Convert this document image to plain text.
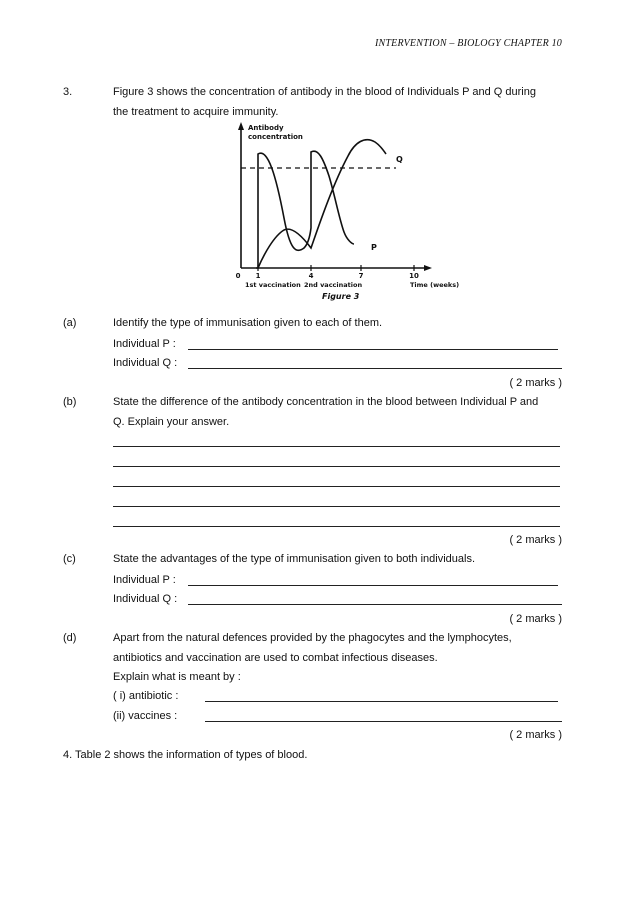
INTERVENTION – BIOLOGY CHAPTER 10
3.	Figure 3 shows the concentration of antibody in the blood of Individuals P and Q during
the treatment to acquire immunity.
Antibody
concentration
Q
P
0 1	4	7	10
1st vaccination 2nd vaccination	Time (weeks)
Figure 3
(a)	Identify the type of immunisation given to each of them.
Individual P :
Individual Q :
( 2 marks )
(b)	State the difference of the antibody concentration in the blood between Individual P and
Q. Explain your answer.
( 2 marks )
(c)	State the advantages of the type of immunisation given to both individuals.
Individual P :
Individual Q :
( 2 marks )
(d)	Apart from the natural defences provided by the phagocytes and the lymphocytes,
antibiotics and vaccination are used to combat infectious diseases.
Explain what is meant by :
( i) antibiotic :
(ii) vaccines :
( 2 marks )
4. Table 2 shows the information of types of blood.
